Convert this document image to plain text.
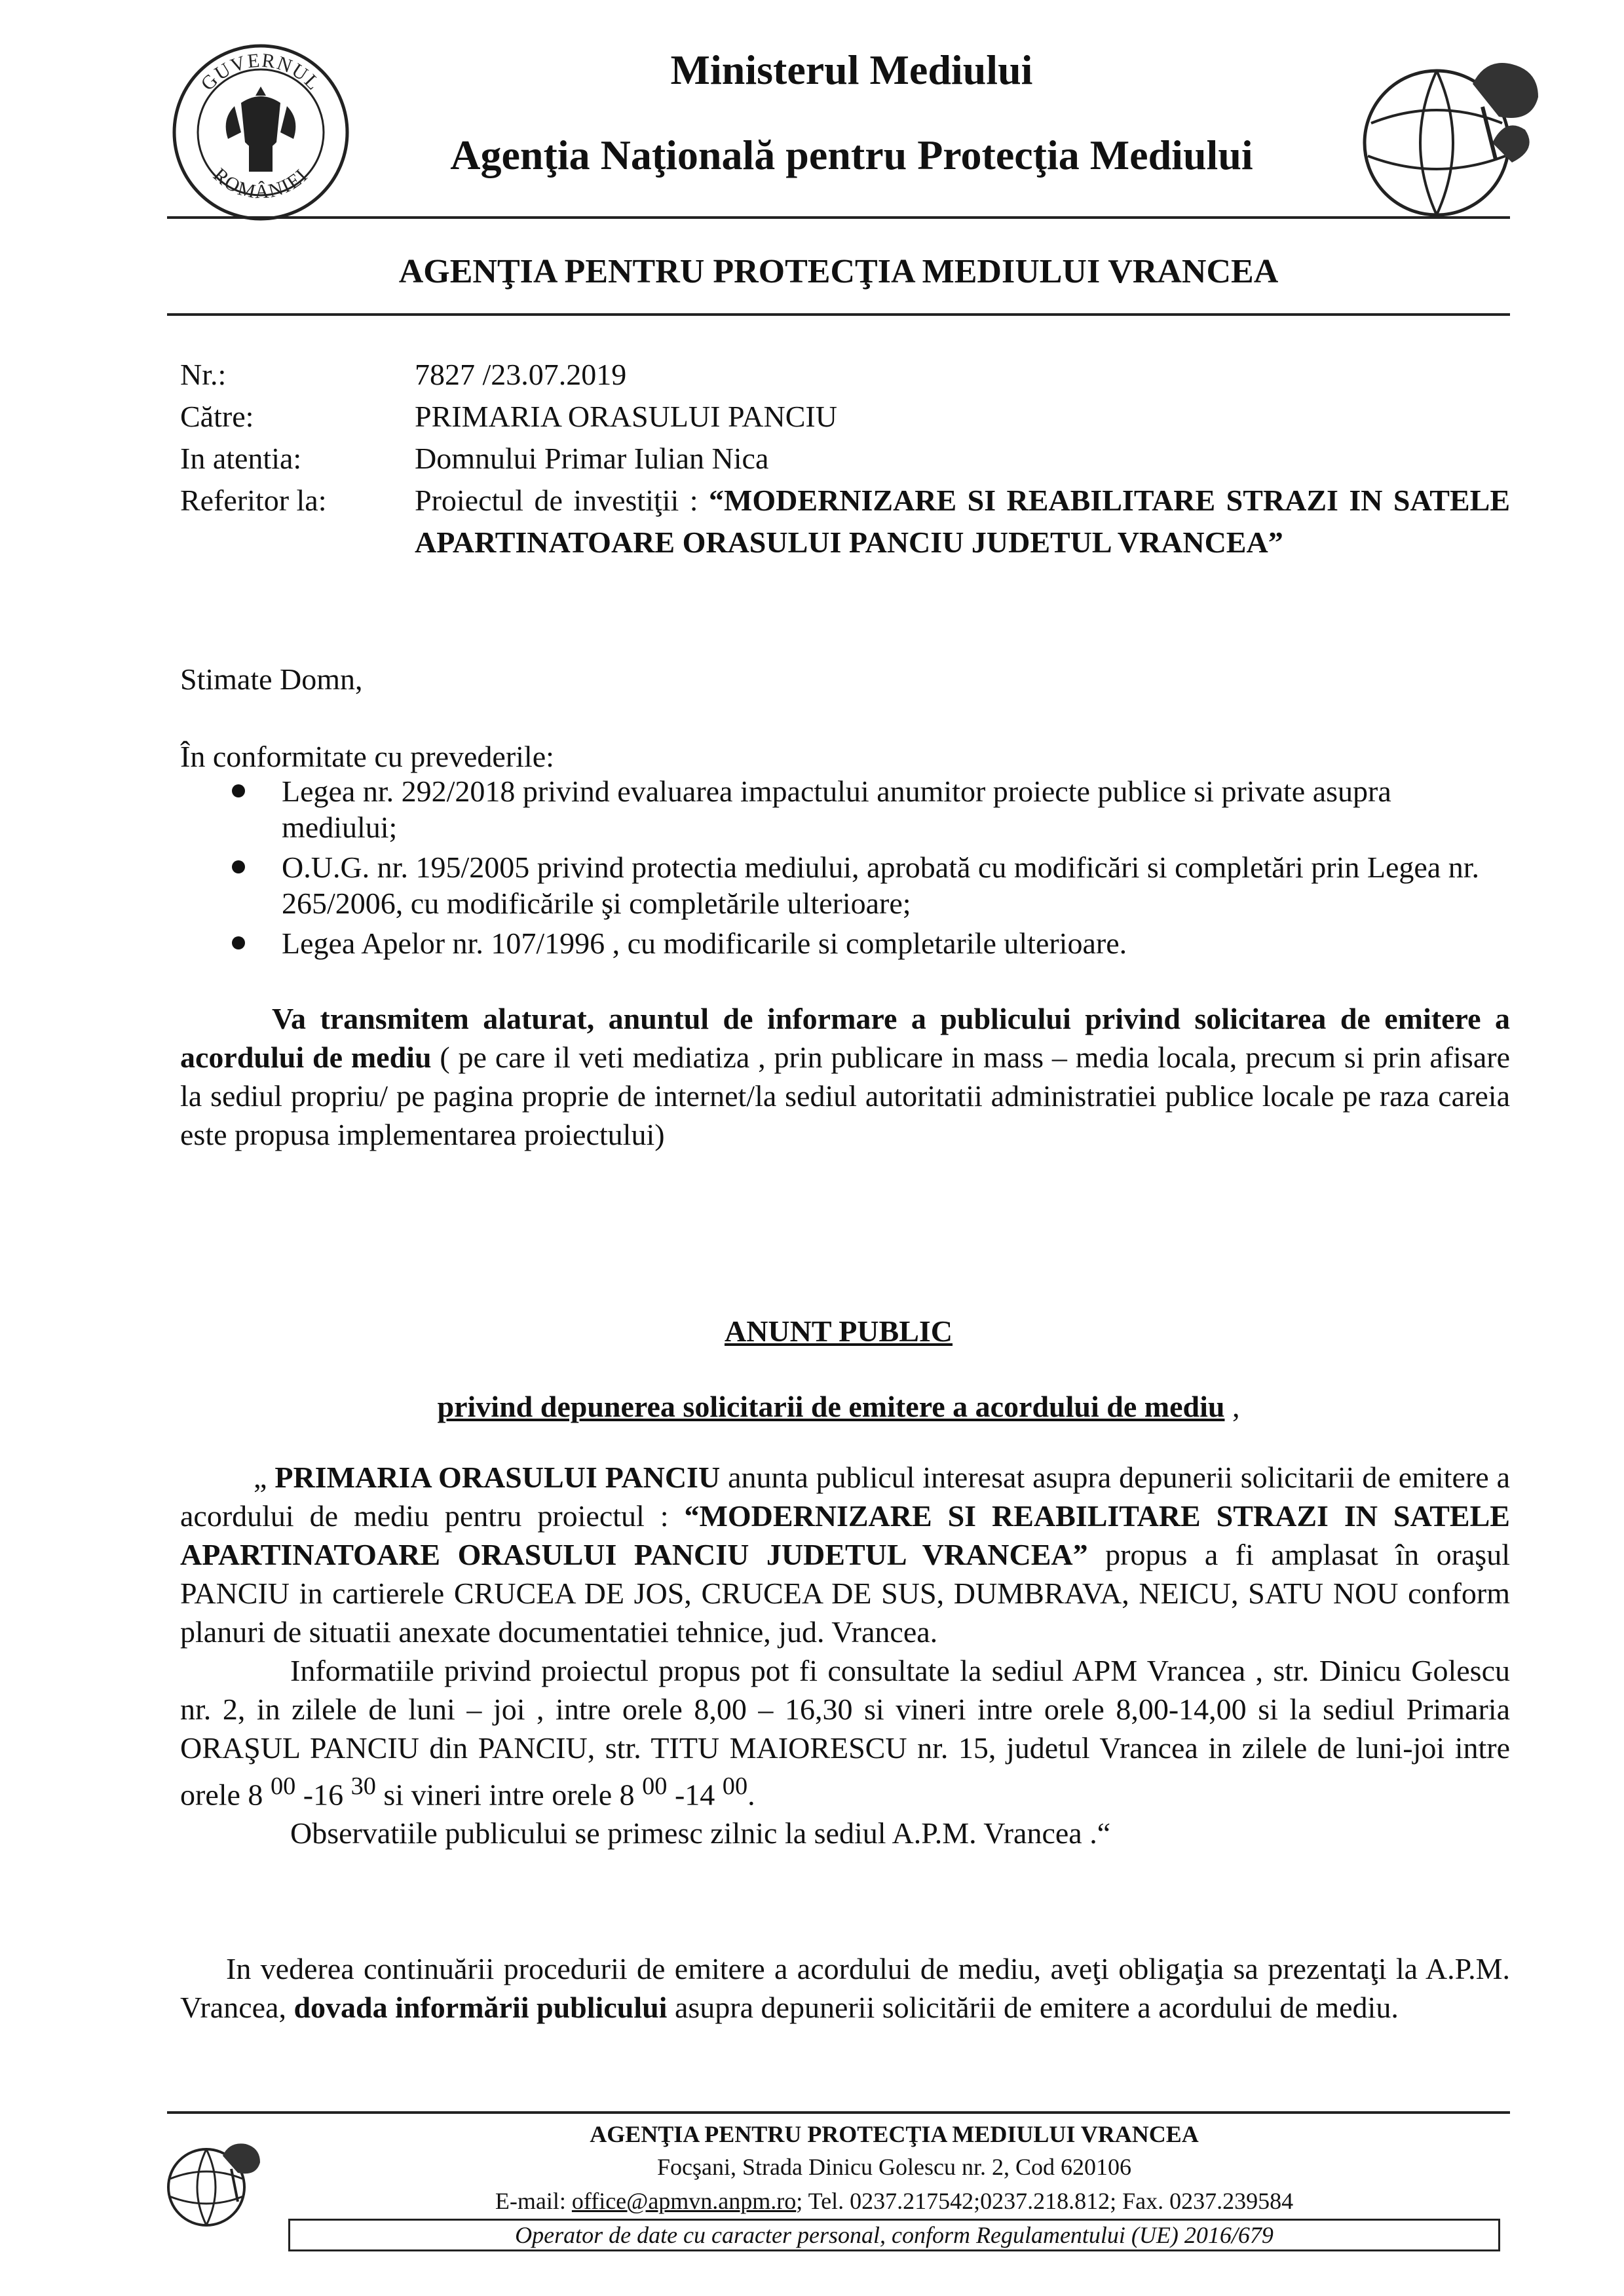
GUVERNUL
ROMÂNIEI
Ministerul Mediului
Agenţia Naţională pentru Protecţia Mediului
AGENŢIA PENTRU PROTECŢIA MEDIULUI VRANCEA
Nr.:	7827 /23.07.2019
Către:	PRIMARIA ORASULUI PANCIU
In atentia:	Domnului Primar Iulian Nica
Referitor la:	Proiectul de investiţii : “MODERNIZARE SI REABILITARE STRAZI IN SATELE APARTINATOARE ORASULUI PANCIU JUDETUL VRANCEA”
Stimate Domn,
În conformitate cu prevederile:
Legea nr. 292/2018 privind evaluarea impactului anumitor proiecte publice si private asupra mediului;
O.U.G. nr. 195/2005 privind protectia mediului, aprobată cu modificări si completări prin Legea nr. 265/2006, cu modificările şi completările ulterioare;
Legea Apelor nr. 107/1996 , cu modificarile si completarile ulterioare.
Va transmitem alaturat, anuntul de informare a publicului privind solicitarea de emitere a acordului de mediu ( pe care il veti mediatiza , prin publicare in mass – media locala, precum si prin afisare la sediul propriu/ pe pagina proprie de internet/la sediul autoritatii administratiei publice locale pe raza careia este propusa implementarea proiectului)
ANUNT PUBLIC
privind depunerea solicitarii de emitere a acordului de mediu ,

„ PRIMARIA ORASULUI PANCIU anunta publicul interesat asupra depunerii solicitarii de emitere a acordului de mediu pentru proiectul : “MODERNIZARE SI REABILITARE STRAZI IN SATELE APARTINATOARE ORASULUI PANCIU JUDETUL VRANCEA” propus a fi amplasat în oraşul PANCIU in cartierele CRUCEA DE JOS, CRUCEA DE SUS, DUMBRAVA, NEICU, SATU NOU conform planuri de situatii anexate documentatiei tehnice, jud. Vrancea.

Informatiile privind proiectul propus pot fi consultate la sediul APM Vrancea , str. Dinicu Golescu nr. 2, in zilele de luni – joi , intre orele 8,00 – 16,30 si vineri intre orele 8,00-14,00 si la sediul Primaria ORAŞUL PANCIU din PANCIU, str. TITU MAIORESCU nr. 15, judetul Vrancea in zilele de luni-joi intre orele 8 $^{00}$ -16 $^{30}$ si vineri intre orele 8 $^{00}$ -14 $^{00}$.

Observatiile publicului se primesc zilnic la sediul A.P.M. Vrancea .“

In vederea continuării procedurii de emitere a acordului de mediu, aveţi obligaţia sa prezentaţi la A.P.M. Vrancea, dovada informării publicului asupra depunerii solicitării de emitere a acordului de mediu.
AGENŢIA PENTRU PROTECŢIA MEDIULUI VRANCEA
Focşani, Strada Dinicu Golescu nr. 2, Cod 620106
E-mail: office@apmvn.anpm.ro; Tel. 0237.217542;0237.218.812; Fax. 0237.239584
Operator de date cu caracter personal, conform Regulamentului (UE) 2016/679
